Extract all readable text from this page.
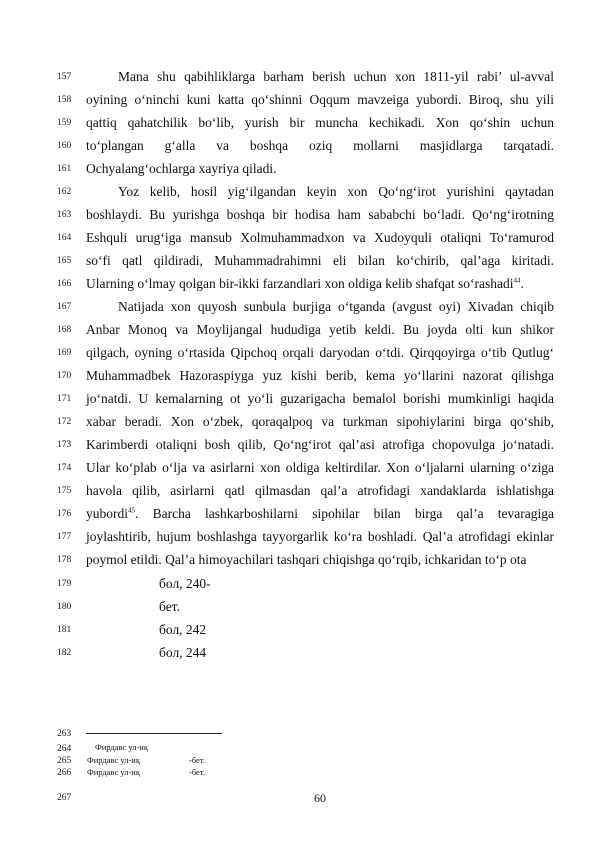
157	Mana shu qabihliklarga barham berish uchun xon 1811-yil rabi’ ul-avval
158	oyining o‘ninchi kuni katta qo‘shinni Oqqum mavzeiga yubordi. Biroq, shu yili
159	qattiq qahatchilik bo‘lib, yurish bir muncha kechikadi. Xon qo‘shin uchun
160	to‘plangan g‘alla va boshqa oziq mollarni masjidlarga tarqatadi.
161	Ochyalang‘ochlarga xayriya qiladi.
162	Yoz kelib, hosil yig‘ilgandan keyin xon Qo‘ng‘irot yurishini qaytadan
163	boshlaydi. Bu yurishga boshqa bir hodisa ham sababchi bo‘ladi. Qo‘ng‘irotning
164	Eshquli urug‘iga mansub Xolmuhammadxon va Xudoyquli otaliqni To‘ramurod
165	so‘fi qatl qildiradi, Muhammadrahimni eli bilan ko‘chirib, qal’aga kiritadi.
166	Ularning o‘lmay qolgan bir-ikki farzandlari xon oldiga kelib shafqat so‘rashadi$^{44}$.
167	Natijada xon quyosh sunbula burjiga o‘tganda (avgust oyi) Xivadan chiqib
168	Anbar Monoq va Moylijangal hududiga yetib keldi. Bu joyda olti kun shikor
169	qilgach, oyning o‘rtasida Qipchoq orqali daryodan o‘tdi. Qirqqoyirga o‘tib Qutlug‘
170	Muhammadbek Hazoraspiyga yuz kishi berib, kema yo‘llarini nazorat qilishga
171	jo‘natdi. U kemalarning ot yo‘li guzarigacha bemalol borishi mumkinligi haqida
172	xabar beradi. Xon o‘zbek, qoraqalpoq va turkman sipohiylarini birga qo‘shib,
173	Karimberdi otaliqni bosh qilib, Qo‘ng‘irot qal’asi atrofiga chopovulga jo‘natadi.
174	Ular ko‘plab o‘lja va asirlarni xon oldiga keltirdilar. Xon o‘ljalarni ularning o‘ziga
175	havola qilib, asirlarni qatl qilmasdan qal’a atrofidagi xandaklarda ishlatishga
176	yubordi$^{45}$. Barcha lashkarboshilarni sipohilar bilan birga qal’a tevaragiga
177	joylashtirib, hujum boshlashga tayyorgarlik ko‘ra boshladi. Qal’a atrofidagi ekinlar
178	poymol etildi. Qal’a himoyachilari tashqari chiqishga qo‘rqib, ichkaridan to‘p ota
179	бол, 240-
180	бет.
181	бол, 242
182	бол, 244
263
264
265
266
267
Фирдавс ул-иқ
Фирдавс ул-иқ	-бет.
Фирдавс ул-иқ	-бет.
60
